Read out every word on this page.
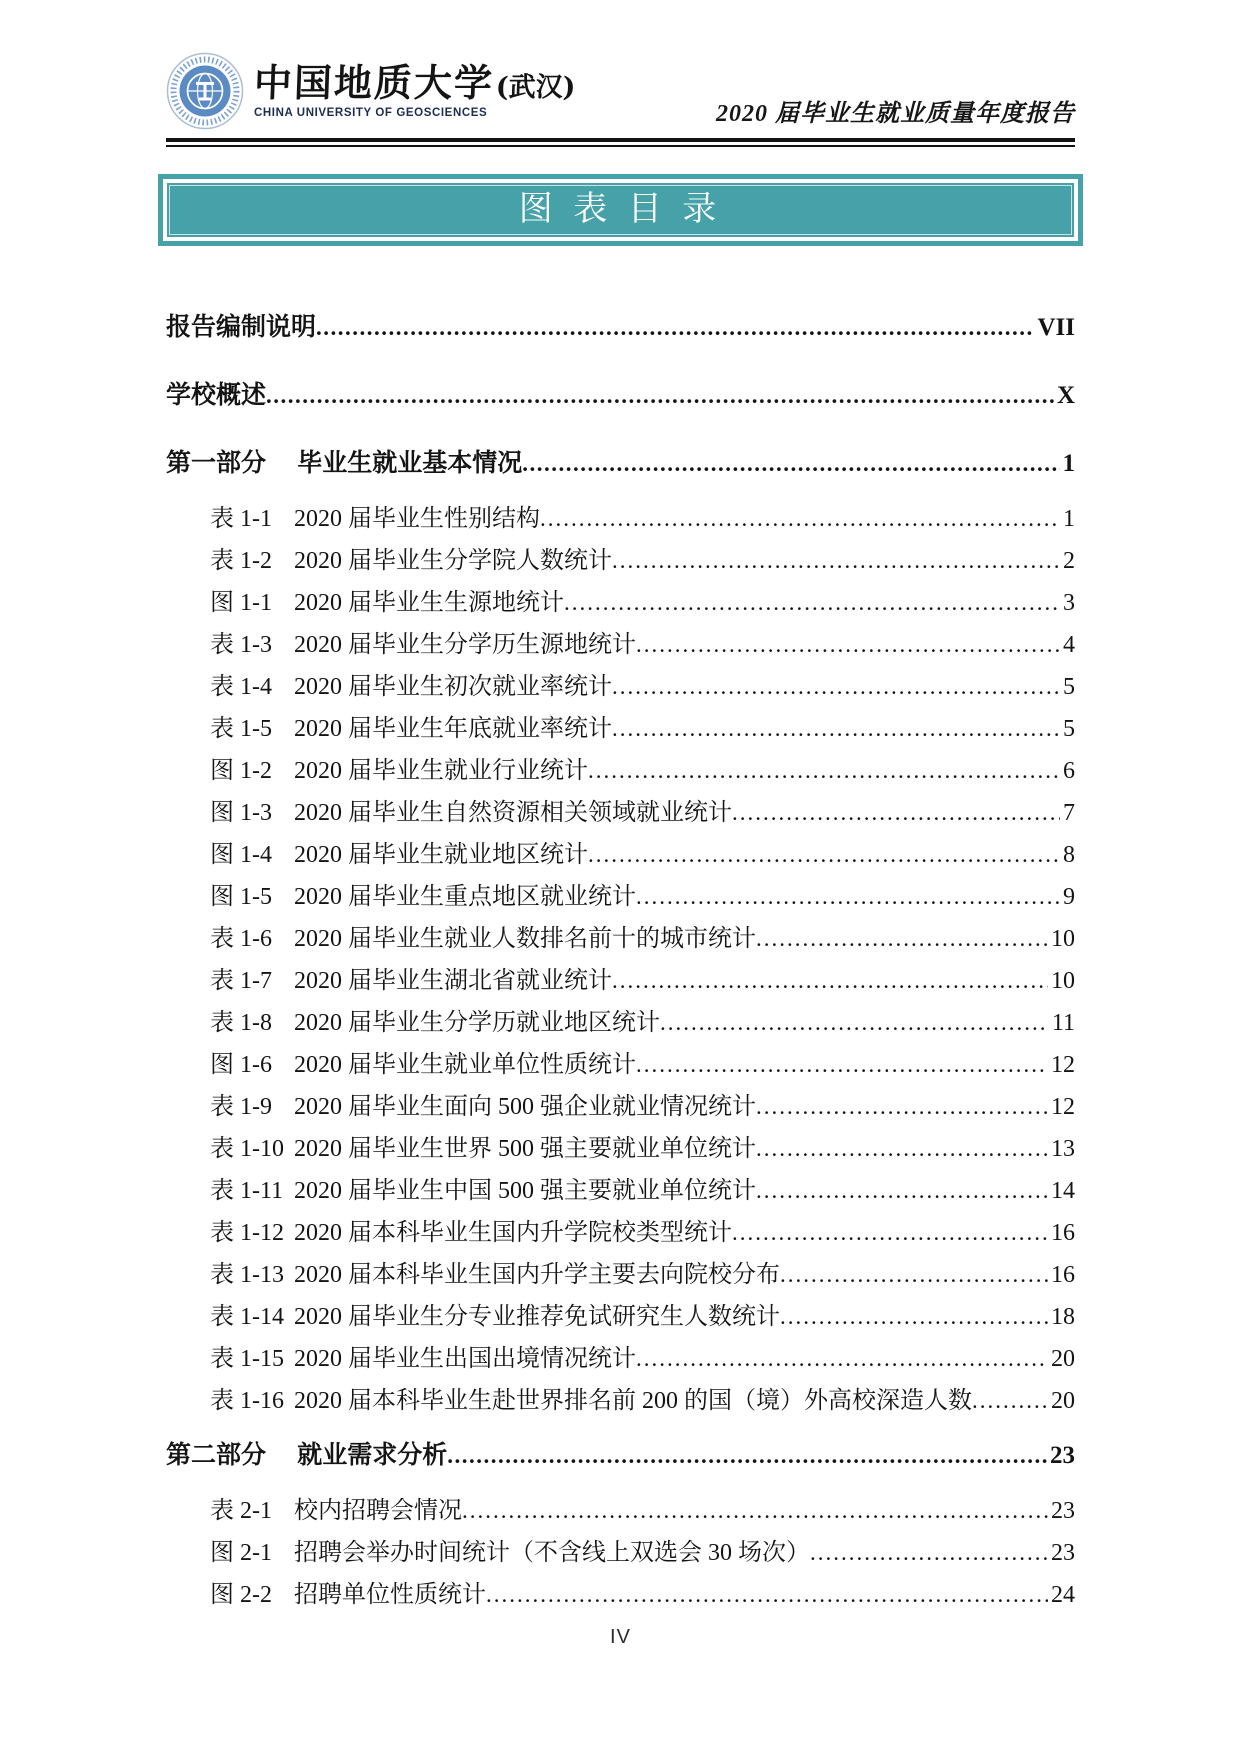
中国地质大学(武汉)
CHINA UNIVERSITY OF GEOSCIENCES	2020 届毕业生就业质量年度报告
图 表 目 录
报告编制说明 .....	VII
学校概述 .....	X
第一部分　 毕业生就业基本情况 .....	1
表 1-1 2020 届毕业生性别结构 .....	1
表 1-2 2020 届毕业生分学院人数统计 .....	2
图 1-1 2020 届毕业生生源地统计 .....	3
表 1-3 2020 届毕业生分学历生源地统计 .....	4
表 1-4 2020 届毕业生初次就业率统计 .....	5
表 1-5 2020 届毕业生年底就业率统计 .....	5
图 1-2 2020 届毕业生就业行业统计 .....	6
图 1-3 2020 届毕业生自然资源相关领域就业统计 .....	7
图 1-4 2020 届毕业生就业地区统计 .....	8
图 1-5 2020 届毕业生重点地区就业统计 .....	9
表 1-6 2020 届毕业生就业人数排名前十的城市统计 .....	10
表 1-7 2020 届毕业生湖北省就业统计 .....	10
表 1-8 2020 届毕业生分学历就业地区统计 .....	11
图 1-6 2020 届毕业生就业单位性质统计 .....	12
表 1-9 2020 届毕业生面向 500 强企业就业情况统计 .....	12
表 1-10 2020 届毕业生世界 500 强主要就业单位统计 .....	13
表 1-11 2020 届毕业生中国 500 强主要就业单位统计 .....	14
表 1-12 2020 届本科毕业生国内升学院校类型统计 .....	16
表 1-13 2020 届本科毕业生国内升学主要去向院校分布 .....	16
表 1-14 2020 届毕业生分专业推荐免试研究生人数统计 .....	18
表 1-15 2020 届毕业生出国出境情况统计 .....	20
表 1-16 2020 届本科毕业生赴世界排名前 200 的国（境）外高校深造人数 .....	20
第二部分　 就业需求分析 .....	23
表 2-1 校内招聘会情况 .....	23
图 2-1 招聘会举办时间统计（不含线上双选会 30 场次） .....	23
图 2-2 招聘单位性质统计 .....	24
IV
